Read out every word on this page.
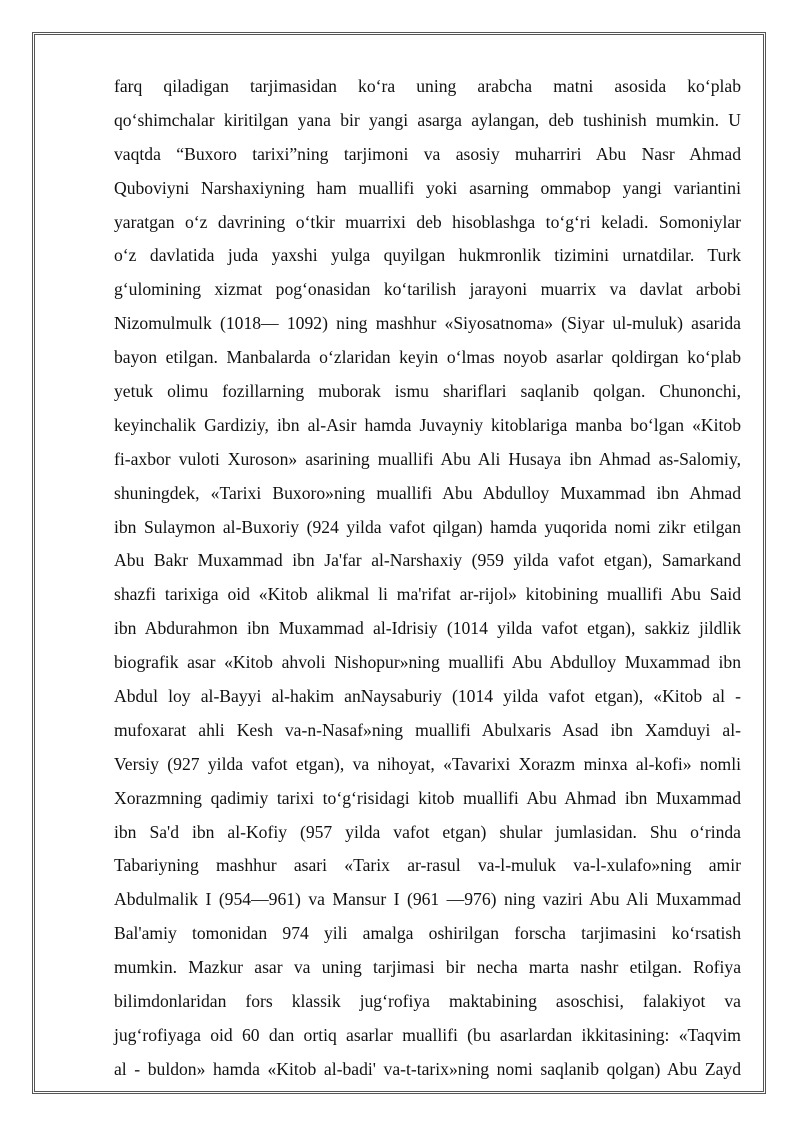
farq qiladigan tarjimasidan ko‘ra uning arabcha matni asosida ko‘plab
qo‘shimchalar kiritilgan yana bir yangi asarga aylangan, deb tushinish mumkin. U
vaqtda “Buxoro tarixi”ning tarjimoni va asosiy muharriri Abu Nasr Ahmad
Quboviyni Narshaxiyning ham muallifi yoki asarning ommabop yangi variantini
yaratgan o‘z davrining o‘tkir muarrixi deb hisoblashga to‘g‘ri keladi. Somoniylar
o‘z davlatida juda yaxshi yulga quyilgan hukmronlik tizimini urnatdilar. Turk
g‘ulomining xizmat pog‘onasidan ko‘tarilish jarayoni muarrix va davlat arbobi
Nizomulmulk (1018— 1092) ning mashhur «Siyosatnoma» (Siyar ul-muluk) asarida
bayon etilgan. Manbalarda o‘zlaridan keyin o‘lmas noyob asarlar qoldirgan ko‘plab
yetuk olimu fozillarning muborak ismu shariflari saqlanib qolgan. Chunonchi,
keyinchalik Gardiziy, ibn al-Asir hamda Juvayniy kitoblariga manba bo‘lgan «Kitob
fi-axbor vuloti Xuroson» asarining muallifi Abu Ali Husaya ibn Ahmad as-Salomiy,
shuningdek, «Tarixi Buxoro»ning muallifi Abu Abdulloy Muxammad ibn Ahmad
ibn Sulaymon al-Buxoriy (924 yilda vafot qilgan) hamda yuqorida nomi zikr etilgan
Abu Bakr Muxammad ibn Ja'far al-Narshaxiy (959 yilda vafot etgan), Samarkand
shazfi tarixiga oid «Kitob alikmal li ma'rifat ar-rijol» kitobining muallifi Abu Said
ibn Abdurahmon ibn Muxammad al-Idrisiy (1014 yilda vafot etgan), sakkiz jildlik
biografik asar «Kitob ahvoli Nishopur»ning muallifi Abu Abdulloy Muxammad ibn
Abdul loy al-Bayyi al-hakim anNaysaburiy (1014 yilda vafot etgan), «Kitob al -
mufoxarat ahli Kesh va-n-Nasaf»ning muallifi Abulxaris Asad ibn Xamduyi al-
Versiy (927 yilda vafot etgan), va nihoyat, «Tavarixi Xorazm minxa al-kofi» nomli
Xorazmning qadimiy tarixi to‘g‘risidagi kitob muallifi Abu Ahmad ibn Muxammad
ibn Sa'd ibn al-Kofiy (957 yilda vafot etgan) shular jumlasidan. Shu o‘rinda
Tabariyning mashhur asari «Tarix ar-rasul va-l-muluk va-l-xulafo»ning amir
Abdulmalik I (954—961) va Mansur I (961 —976) ning vaziri Abu Ali Muxammad
Bal'amiy tomonidan 974 yili amalga oshirilgan forscha tarjimasini ko‘rsatish
mumkin. Mazkur asar va uning tarjimasi bir necha marta nashr etilgan. Rofiya
bilimdonlaridan fors klassik jug‘rofiya maktabining asoschisi, falakiyot va
jug‘rofiyaga oid 60 dan ortiq asarlar muallifi (bu asarlardan ikkitasining: «Taqvim
al - buldon» hamda «Kitob al-badi' va-t-tarix»ning nomi saqlanib qolgan) Abu Zayd
